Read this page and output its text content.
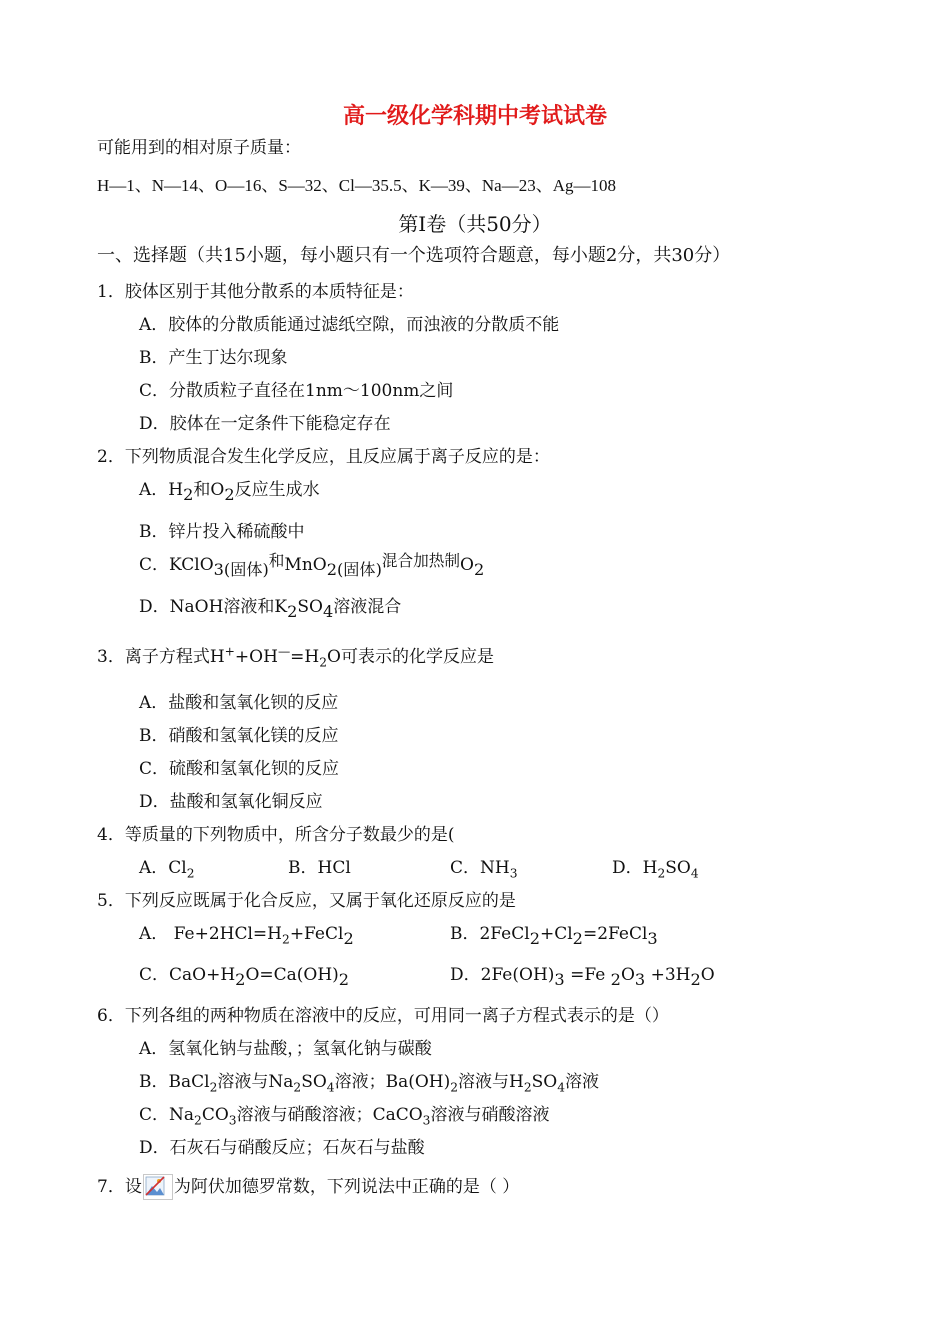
高一级化学科期中考试试卷
可能用到的相对原子质量：
H—1、N—14、O—16、S—32、Cl—35.5、K—39、Na—23、Ag—108
第Ⅰ卷（共50分）
一、选择题（共15小题，每小题只有一个选项符合题意，每小题2分，共30分）
1．胶体区别于其他分散系的本质特征是：
A．胶体的分散质能通过滤纸空隙，而浊液的分散质不能
B．产生丁达尔现象
C．分散质粒子直径在1nm～100nm之间
D．胶体在一定条件下能稳定存在
2．下列物质混合发生化学反应，且反应属于离子反应的是：
A．$H_2$和$O_2$反应生成水
B．锌片投入稀硫酸中
C．$KClO_{3(固体)}^和MnO_{2(固体)}^{混合加热制}O_2$
D．NaOH溶液和$K_2SO_4$溶液混合
3．离子方程式$H^++OH^—=H_2O$可表示的化学反应是
A．盐酸和氢氧化钡的反应
B．硝酸和氢氧化镁的反应
C．硫酸和氢氧化钡的反应
D．盐酸和氢氧化铜反应
4．等质量的下列物质中，所含分子数最少的是(
A．$Cl_2$	B．HCl	C．$NH_3$	D．$H_2SO_4$
5．下列反应既属于化合反应，又属于氧化还原反应的是
A． $Fe+2HCl=H_2+FeCl_2$	B．$2FeCl_2+Cl_2=2FeCl_3$
C．$CaO+H_2O=Ca(OH)_2$	D．$2Fe(OH)_3 =Fe$ $_2O_3 +3H_2O$
6．下列各组的两种物质在溶液中的反应，可用同一离子方程式表示的是（）
A．氢氧化钠与盐酸，；氢氧化钠与碳酸
B．BaCl$_2$溶液与$Na_2SO_4$溶液；$Ba(OH)_2$溶液与$H_2SO_4$溶液
C．$Na_2CO_3$溶液与硝酸溶液；CaCO$_3$溶液与硝酸溶液
D．石灰石与硝酸反应；石灰石与盐酸
7．设 为阿伏加德罗常数，下列说法中正确的是（ ）
